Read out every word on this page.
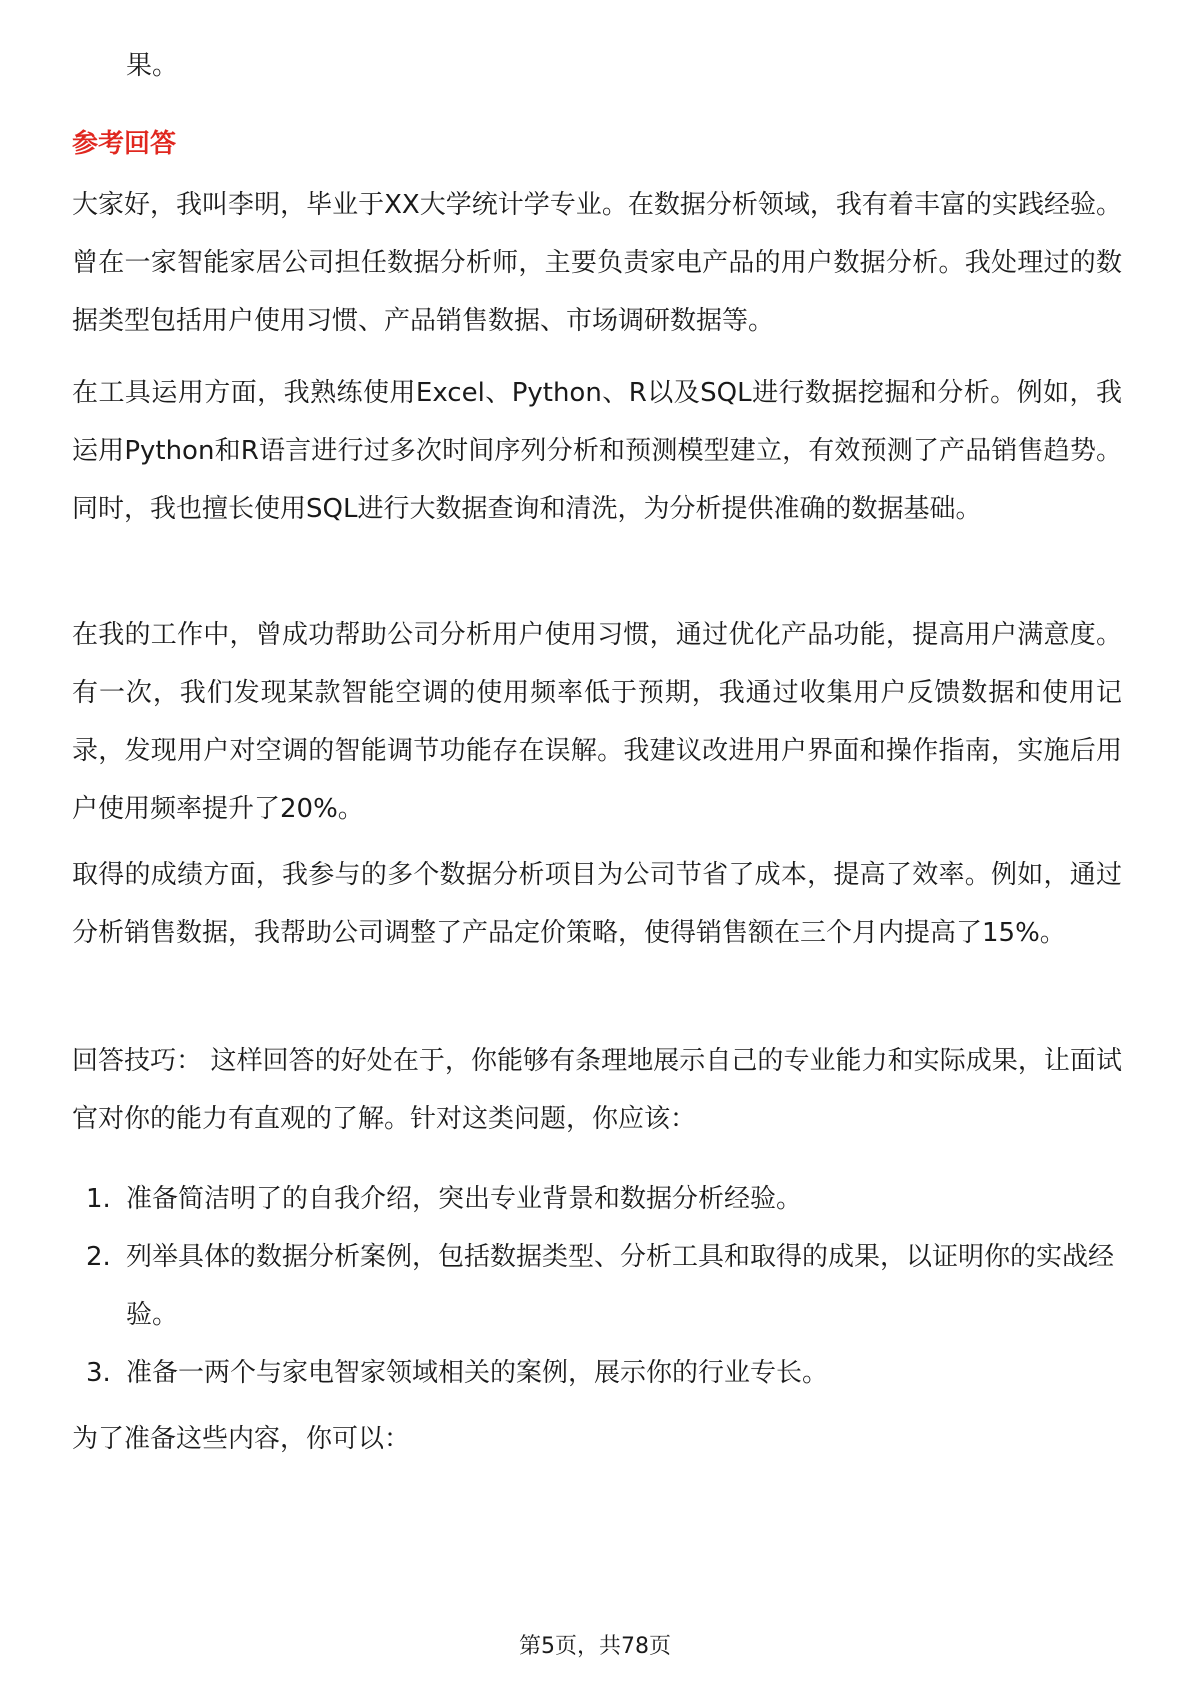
果。
参考回答

大家好，我叫李明，毕业于XX大学统计学专业。在数据分析领域，我有着丰富的实践经验。曾在一家智能家居公司担任数据分析师，主要负责家电产品的用户数据分析。我处理过的数据类型包括用户使用习惯、产品销售数据、市场调研数据等。

在工具运用方面，我熟练使用Excel、Python、R以及SQL进行数据挖掘和分析。例如，我运用Python和R语言进行过多次时间序列分析和预测模型建立，有效预测了产品销售趋势。同时，我也擅长使用SQL进行大数据查询和清洗，为分析提供准确的数据基础。

在我的工作中，曾成功帮助公司分析用户使用习惯，通过优化产品功能，提高用户满意度。有一次，我们发现某款智能空调的使用频率低于预期，我通过收集用户反馈数据和使用记录，发现用户对空调的智能调节功能存在误解。我建议改进用户界面和操作指南，实施后用户使用频率提升了20%。

取得的成绩方面，我参与的多个数据分析项目为公司节省了成本，提高了效率。例如，通过分析销售数据，我帮助公司调整了产品定价策略，使得销售额在三个月内提高了15%。

回答技巧： 这样回答的好处在于，你能够有条理地展示自己的专业能力和实际成果，让面试官对你的能力有直观的了解。针对这类问题，你应该：

1. 准备简洁明了的自我介绍，突出专业背景和数据分析经验。
2. 列举具体的数据分析案例，包括数据类型、分析工具和取得的成果，以证明你的实战经验。
3. 准备一两个与家电智家领域相关的案例，展示你的行业专长。

为了准备这些内容，你可以：

第5页，共78页
